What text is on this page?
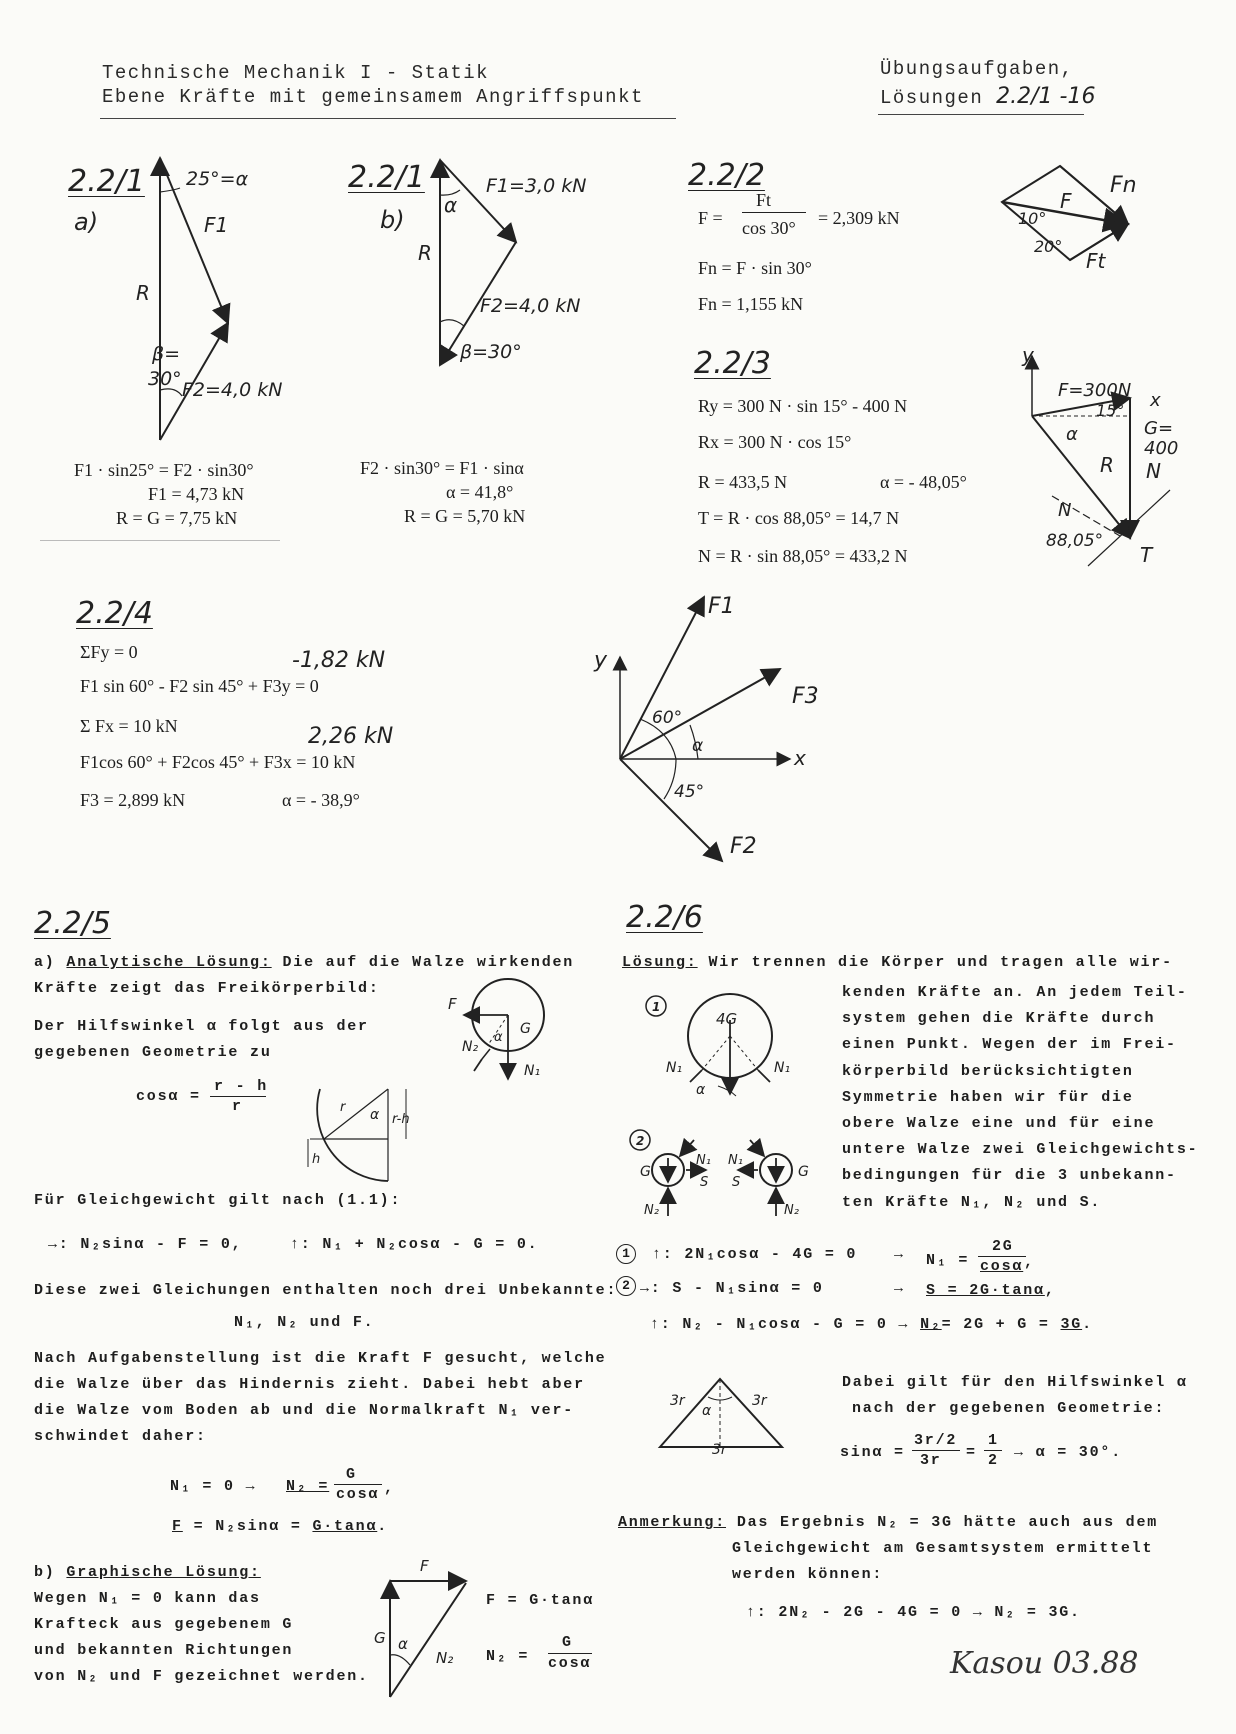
Technische Mechanik I - Statik
Ebene Kräfte mit gemeinsamem Angriffspunkt
Übungsaufgaben,
Lösungen 2.2/1 -16
2.2/1
a)
25°=α
F1
R
β=
30° F2=4,0 kN
F1 · sin25° = F2 · sin30°
F1 = 4,73 kN
R = G = 7,75 kN
2.2/1
b)
α
F1=3,0 kN
R
F2=4,0 kN
β=30°
F2 · sin30° = F1 · sinα
α = 41,8°
R = G = 5,70 kN
2.2/2
F =
Ft
cos 30° = 2,309 kN
Fn = F · sin 30°
Fn = 1,155 kN
Fn
F
Ft
10°
20°
2.2/3
Ry = 300 N · sin 15° - 400 N
Rx = 300 N · cos 15°
R = 433,5 N	α = - 48,05°
T = R · cos 88,05° = 14,7 N
N = R · sin 88,05° = 433,2 N
y
F=300N x
15°
G=
400
N
α
R
N
88,05°
T
2.2/4
ΣFy = 0	-1,82 kN
F1 sin 60° - F2 sin 45° + F3y = 0
Σ Fx = 10 kN	2,26 kN
F1cos 60° + F2cos 45° + F3x = 10 kN
F3 = 2,899 kN	α = - 38,9°
y
x
F1
F3
F2
60°
α
45°
2.2/5
a) Analytische Lösung: Die auf die Walze wirkenden
Kräfte zeigt das Freikörperbild:
Der Hilfswinkel α folgt aus der
gegebenen Geometrie zu
cosα =
r - h
r
F
N₂
α
G
N₁
r α r-h
h
Für Gleichgewicht gilt nach (1.1):
→: N₂sinα - F = 0,	↑: N₁ + N₂cosα - G = 0.
Diese zwei Gleichungen enthalten noch drei Unbekannte:
N₁, N₂ und F.
Nach Aufgabenstellung ist die Kraft F gesucht, welche
die Walze über das Hindernis zieht. Dabei hebt aber
die Walze vom Boden ab und die Normalkraft N₁ ver-
schwindet daher:
N₁ = 0 → N₂ =
G
cosα ,
F = N₂sinα = G·tanα.
b) Graphische Lösung:
Wegen N₁ = 0 kann das
Krafteck aus gegebenem G
und bekannten Richtungen
von N₂ und F gezeichnet werden.
F
G α
N₂
F = G·tanα
N₂ =
G
cosα
2.2/6
Lösung: Wir trennen die Körper und tragen alle wir-
kenden Kräfte an. An jedem Teil-
system gehen die Kräfte durch
einen Punkt. Wegen der im Frei-
körperbild berücksichtigten
Symmetrie haben wir für die
obere Walze eine und für eine
untere Walze zwei Gleichgewichts-
bedingungen für die 3 unbekann-
ten Kräfte N₁, N₂ und S.
1
4G
N₁	N₁
α
2
G	G
N₁ N₁
S S
N₂	N₂
1	↑: 2N₁cosα - 4G = 0 → N₁ =
2G
cosα ,
2 →: S - N₁sinα = 0	→ S = 2G·tanα,
↑: N₂ - N₁cosα - G = 0 → N₂= 2G + G = 3G.
3r	3r
3r
α
Dabei gilt für den Hilfswinkel α
nach der gegebenen Geometrie:
sinα =
3r/2
3r =
1
2 → α = 30°.
Anmerkung: Das Ergebnis N₂ = 3G hätte auch aus dem
Gleichgewicht am Gesamtsystem ermittelt
werden können:
↑: 2N₂ - 2G - 4G = 0 → N₂ = 3G.
Kasou 03.88
